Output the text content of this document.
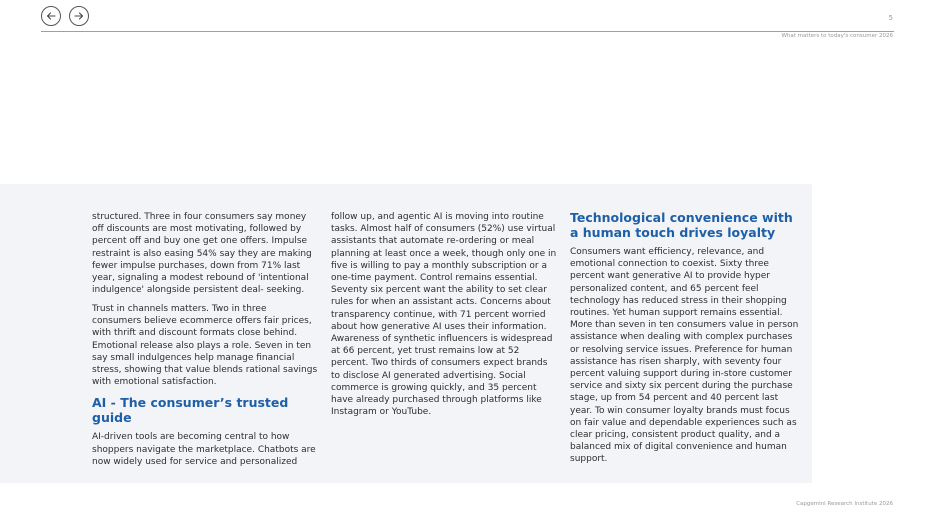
5
What matters to today's consumer 2026

structured. Three in four consumers say money off discounts are most motivating, followed by percent off and buy one get one offers. Impulse restraint is also easing 54% say they are making fewer impulse purchases, down from 71% last year, signaling a modest rebound of 'intentional indulgence' alongside persistent deal- seeking.

Trust in channels matters. Two in three consumers believe ecommerce offers fair prices, with thrift and discount formats close behind. Emotional release also plays a role. Seven in ten say small indulgences help manage financial stress, showing that value blends rational savings with emotional satisfaction.

AI - The consumer’s trusted guide

AI-driven tools are becoming central to how shoppers navigate the marketplace. Chatbots are now widely used for service and personalized

follow up, and agentic AI is moving into routine tasks. Almost half of consumers (52%) use virtual assistants that automate re-ordering or meal planning at least once a week, though only one in five is willing to pay a monthly subscription or a one-time payment. Control remains essential. Seventy six percent want the ability to set clear rules for when an assistant acts. Concerns about transparency continue, with 71 percent worried about how generative AI uses their information. Awareness of synthetic influencers is widespread at 66 percent, yet trust remains low at 52 percent. Two thirds of consumers expect brands to disclose AI generated advertising. Social commerce is growing quickly, and 35 percent have already purchased through platforms like Instagram or YouTube.

Technological convenience with a human touch drives loyalty

Consumers want efficiency, relevance, and emotional connection to coexist. Sixty three percent want generative AI to provide hyper personalized content, and 65 percent feel technology has reduced stress in their shopping routines. Yet human support remains essential. More than seven in ten consumers value in person assistance when dealing with complex purchases or resolving service issues. Preference for human assistance has risen sharply, with seventy four percent valuing support during in-store customer service and sixty six percent during the purchase stage, up from 54 percent and 40 percent last year. To win consumer loyalty brands must focus on fair value and dependable experiences such as clear pricing, consistent product quality, and a balanced mix of digital convenience and human support.

Capgemini Research Institute 2026
